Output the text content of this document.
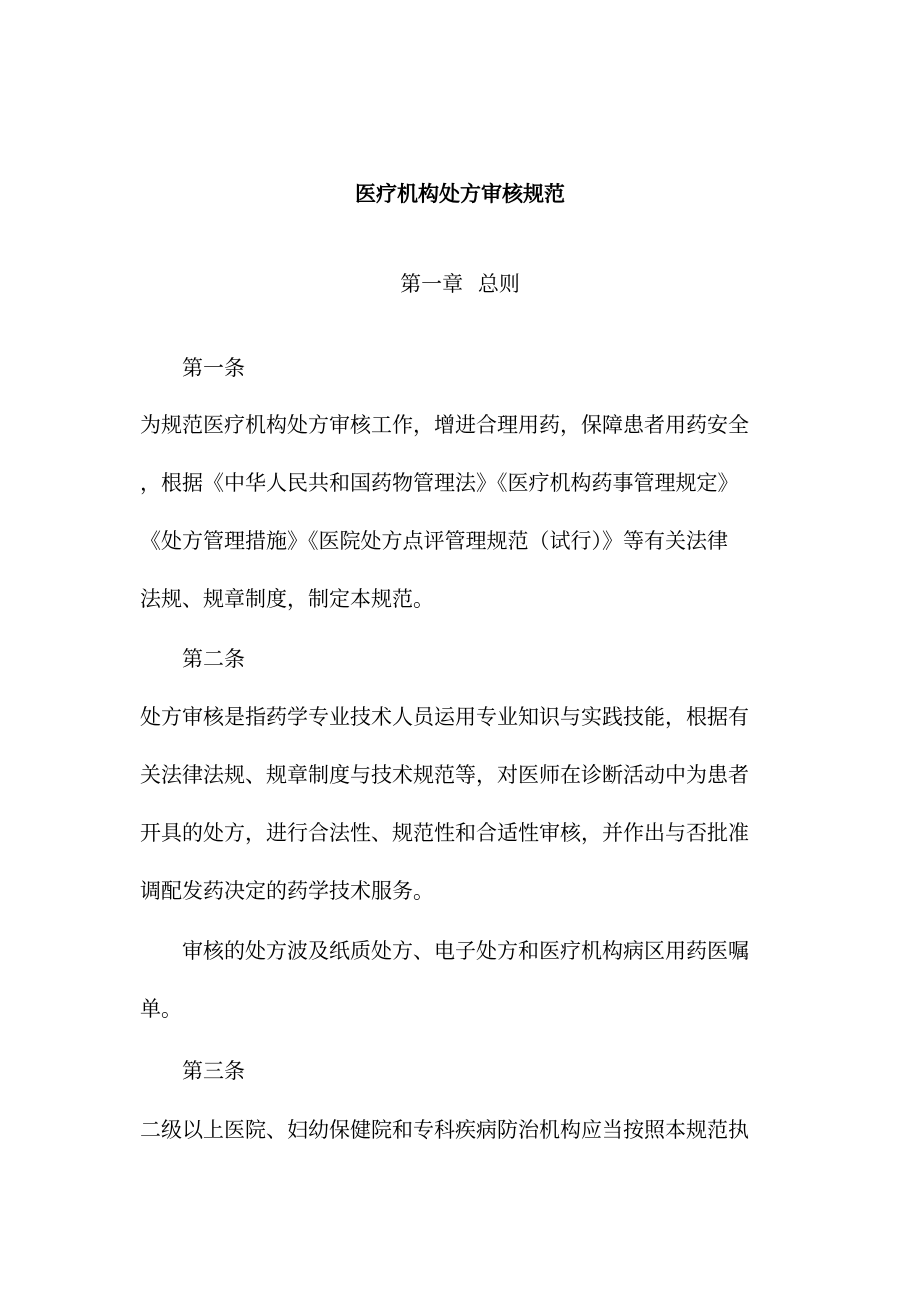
医疗机构处方审核规范
第一章 总则
第一条
为规范医疗机构处方审核工作，增进合理用药，保障患者用药安全
，根据《中华人民共和国药物管理法》《医疗机构药事管理规定》
《处方管理措施》《医院处方点评管理规范（试行）》等有关法律
法规、规章制度，制定本规范。
第二条
处方审核是指药学专业技术人员运用专业知识与实践技能，根据有
关法律法规、规章制度与技术规范等，对医师在诊断活动中为患者
开具的处方，进行合法性、规范性和合适性审核，并作出与否批准
调配发药决定的药学技术服务。
审核的处方波及纸质处方、电子处方和医疗机构病区用药医嘱
单。
第三条
二级以上医院、妇幼保健院和专科疾病防治机构应当按照本规范执
